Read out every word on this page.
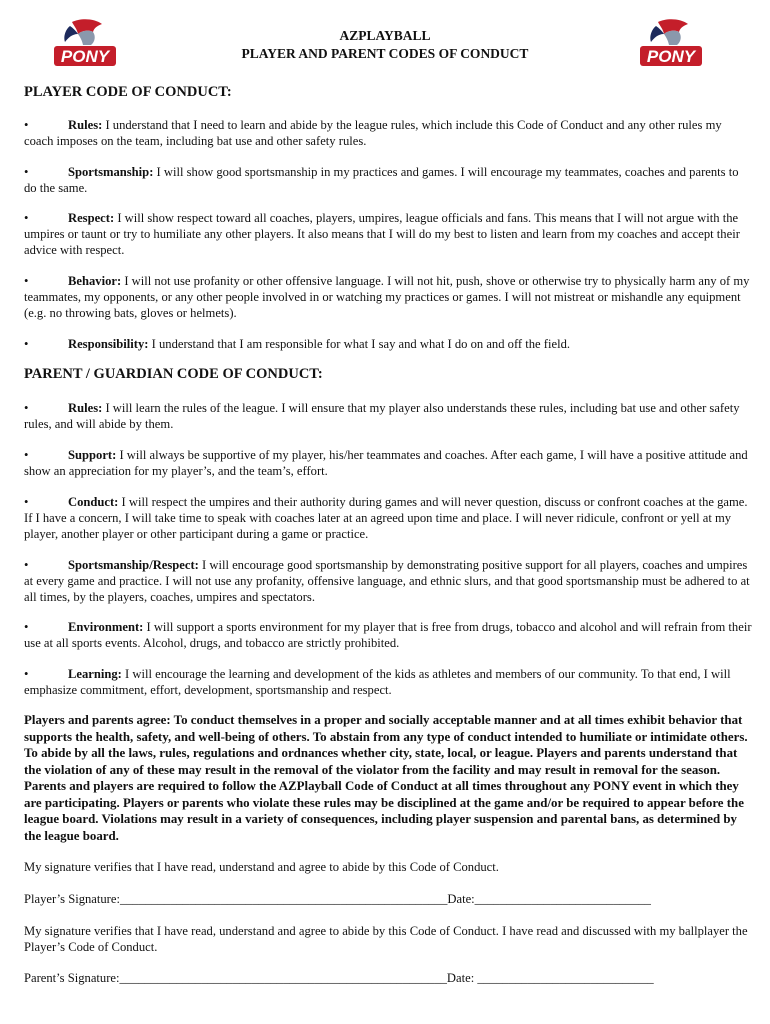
PONY	PONY
AZPLAYBALL
PLAYER AND PARENT CODES OF CONDUCT
PLAYER CODE OF CONDUCT:
•	Rules: I understand that I need to learn and abide by the league rules, which include this Code of Conduct and any other rules my coach imposes on the team, including bat use and other safety rules.
•	Sportsmanship: I will show good sportsmanship in my practices and games. I will encourage my teammates, coaches and parents to do the same.
•	Respect: I will show respect toward all coaches, players, umpires, league officials and fans. This means that I will not argue with the umpires or taunt or try to humiliate any other players. It also means that I will do my best to listen and learn from my coaches and accept their advice with respect.
•	Behavior: I will not use profanity or other offensive language. I will not hit, push, shove or otherwise try to physically harm any of my teammates, my opponents, or any other people involved in or watching my practices or games. I will not mistreat or mishandle any equipment (e.g. no throwing bats, gloves or helmets).
•	Responsibility: I understand that I am responsible for what I say and what I do on and off the field.
PARENT / GUARDIAN CODE OF CONDUCT:
•	Rules: I will learn the rules of the league. I will ensure that my player also understands these rules, including bat use and other safety rules, and will abide by them.
•	Support: I will always be supportive of my player, his/her teammates and coaches. After each game, I will have a positive attitude and show an appreciation for my player’s, and the team’s, effort.
•	Conduct: I will respect the umpires and their authority during games and will never question, discuss or confront coaches at the game. If I have a concern, I will take time to speak with coaches later at an agreed upon time and place. I will never ridicule, confront or yell at my player, another player or other participant during a game or practice.
•	Sportsmanship/Respect: I will encourage good sportsmanship by demonstrating positive support for all players, coaches and umpires at every game and practice. I will not use any profanity, offensive language, and ethnic slurs, and that good sportsmanship must be adhered to at all times, by the players, coaches, umpires and spectators.
•	Environment: I will support a sports environment for my player that is free from drugs, tobacco and alcohol and will refrain from their use at all sports events. Alcohol, drugs, and tobacco are strictly prohibited.
•	Learning: I will encourage the learning and development of the kids as athletes and members of our community. To that end, I will emphasize commitment, effort, development, sportsmanship and respect.
Players and parents agree: To conduct themselves in a proper and socially acceptable manner and at all times exhibit behavior that supports the health, safety, and well-being of others. To abstain from any type of conduct intended to humiliate or intimidate others. To abide by all the laws, rules, regulations and ordnances whether city, state, local, or league. Players and parents understand that the violation of any of these may result in the removal of the violator from the facility and may result in removal for the season. Parents and players are required to follow the AZPlayball Code of Conduct at all times throughout any PONY event in which they are participating. Players or parents who violate these rules may be disciplined at the game and/or be required to appear before the league board. Violations may result in a variety of consequences, including player suspension and parental bans, as determined by the league board.
My signature verifies that I have read, understand and agree to abide by this Code of Conduct.
Player’s Signature:____________________________________________________Date:____________________________
My signature verifies that I have read, understand and agree to abide by this Code of Conduct. I have read and discussed with my ballplayer the Player’s Code of Conduct.
Parent’s Signature:____________________________________________________Date: ____________________________
